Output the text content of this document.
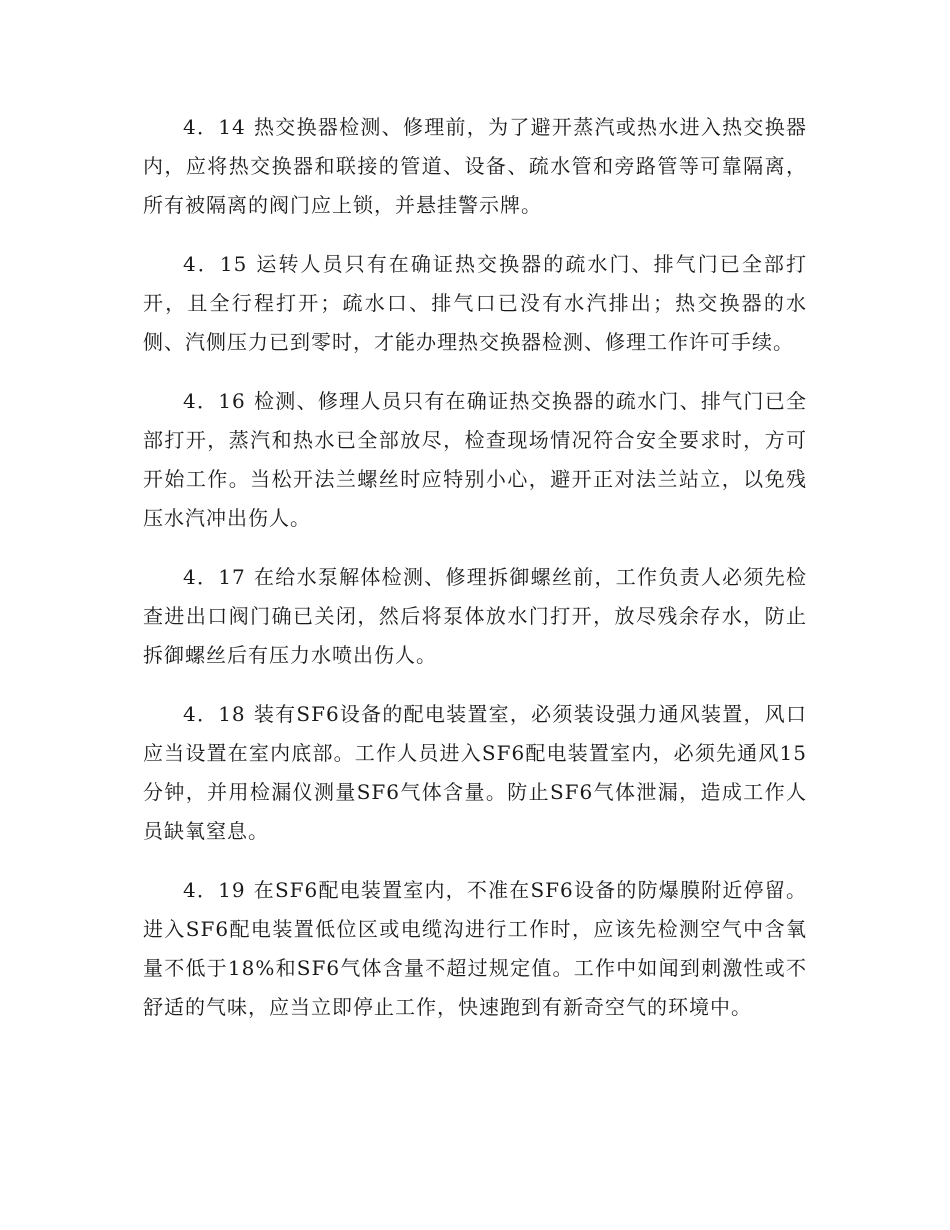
4．14 热交换器检测、修理前，为了避开蒸汽或热水进入热交换器内，应将热交换器和联接的管道、设备、疏水管和旁路管等可靠隔离，所有被隔离的阀门应上锁，并悬挂警示牌。

4．15 运转人员只有在确证热交换器的疏水门、排气门已全部打开，且全行程打开；疏水口、排气口已没有水汽排出；热交换器的水侧、汽侧压力已到零时，才能办理热交换器检测、修理工作许可手续。

4．16 检测、修理人员只有在确证热交换器的疏水门、排气门已全部打开，蒸汽和热水已全部放尽，检查现场情况符合安全要求时，方可开始工作。当松开法兰螺丝时应特别小心，避开正对法兰站立，以免残压水汽冲出伤人。

4．17 在给水泵解体检测、修理拆御螺丝前，工作负责人必须先检查进出口阀门确已关闭，然后将泵体放水门打开，放尽残余存水，防止拆御螺丝后有压力水喷出伤人。

4．18 装有SF6设备的配电装置室，必须装设强力通风装置，风口应当设置在室内底部。工作人员进入SF6配电装置室内，必须先通风15分钟，并用检漏仪测量SF6气体含量。防止SF6气体泄漏，造成工作人员缺氧窒息。

4．19 在SF6配电装置室内，不准在SF6设备的防爆膜附近停留。进入SF6配电装置低位区或电缆沟进行工作时，应该先检测空气中含氧量不低于18%和SF6气体含量不超过规定值。工作中如闻到刺激性或不舒适的气味，应当立即停止工作，快速跑到有新奇空气的环境中。
